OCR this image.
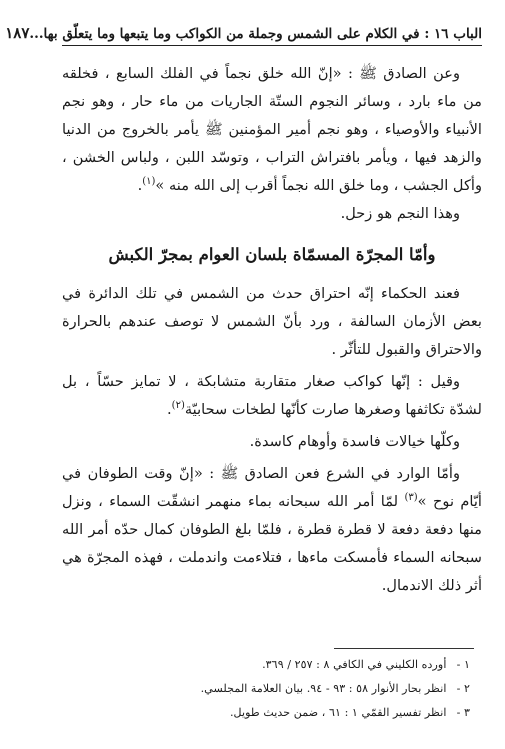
الباب ١٦ : في الكلام على الشمس وجملة من الكواكب وما يتبعها وما يتعلّق بها
...
١٨٧

وعن الصادق ﷺ : «إنّ الله خلق نجماً في الفلك السابع ، فخلقه من ماء بارد ، وسائر النجوم الستّة الجاريات من ماء حار ، وهو نجم الأنبياء والأوصياء ، وهو نجم أمير المؤمنين ﷺ يأمر بالخروج من الدنيا والزهد فيها ، ويأمر بافتراش التراب ، وتوسّد اللبن ، ولباس الخشن ، وأكل الجشب ، وما خلق الله نجماً أقرب إلى الله منه »$^{(١)}$.

وهذا النجم هو زحل.

وأمّا المجرّة المسمّاة بلسان العوام بمجرّ الكبش

فعند الحكماء إنّه احتراق حدث من الشمس في تلك الدائرة في بعض الأزمان السالفة ، ورد بأنّ الشمس لا توصف عندهم بالحرارة والاحتراق والقبول للتأثّر .

وقيل : إنّها كواكب صغار متقاربة متشابكة ، لا تمايز حسّاً ، بل لشدّة تكاثفها وصغرها صارت كأنّها لطخات سحابيّة$^{(٢)}$.

وكلّها خيالات فاسدة وأوهام كاسدة.

وأمّا الوارد في الشرع فعن الصادق ﷺ : «إنّ وقت الطوفان في أيّام نوح »$^{(٣)}$ لمّا أمر الله سبحانه بماء منهمر انشقّت السماء ، ونزل منها دفعة دفعة لا قطرة قطرة ، فلمّا بلغ الطوفان كمال حدّه أمر الله سبحانه السماء فأمسكت ماءها ، فتلاءمت واندملت ، فهذه المجرّة هي أثر ذلك الاندمال.

١ - أورده الكليني في الكافي ٨ : ٢٥٧ / ٣٦٩.
٢ - انظر بحار الأنوار ٥٨ : ٩٣ - ٩٤. بيان العلامة المجلسي.
٣ - انظر تفسير القمّي ١ : ٦١ ، ضمن حديث طويل.
